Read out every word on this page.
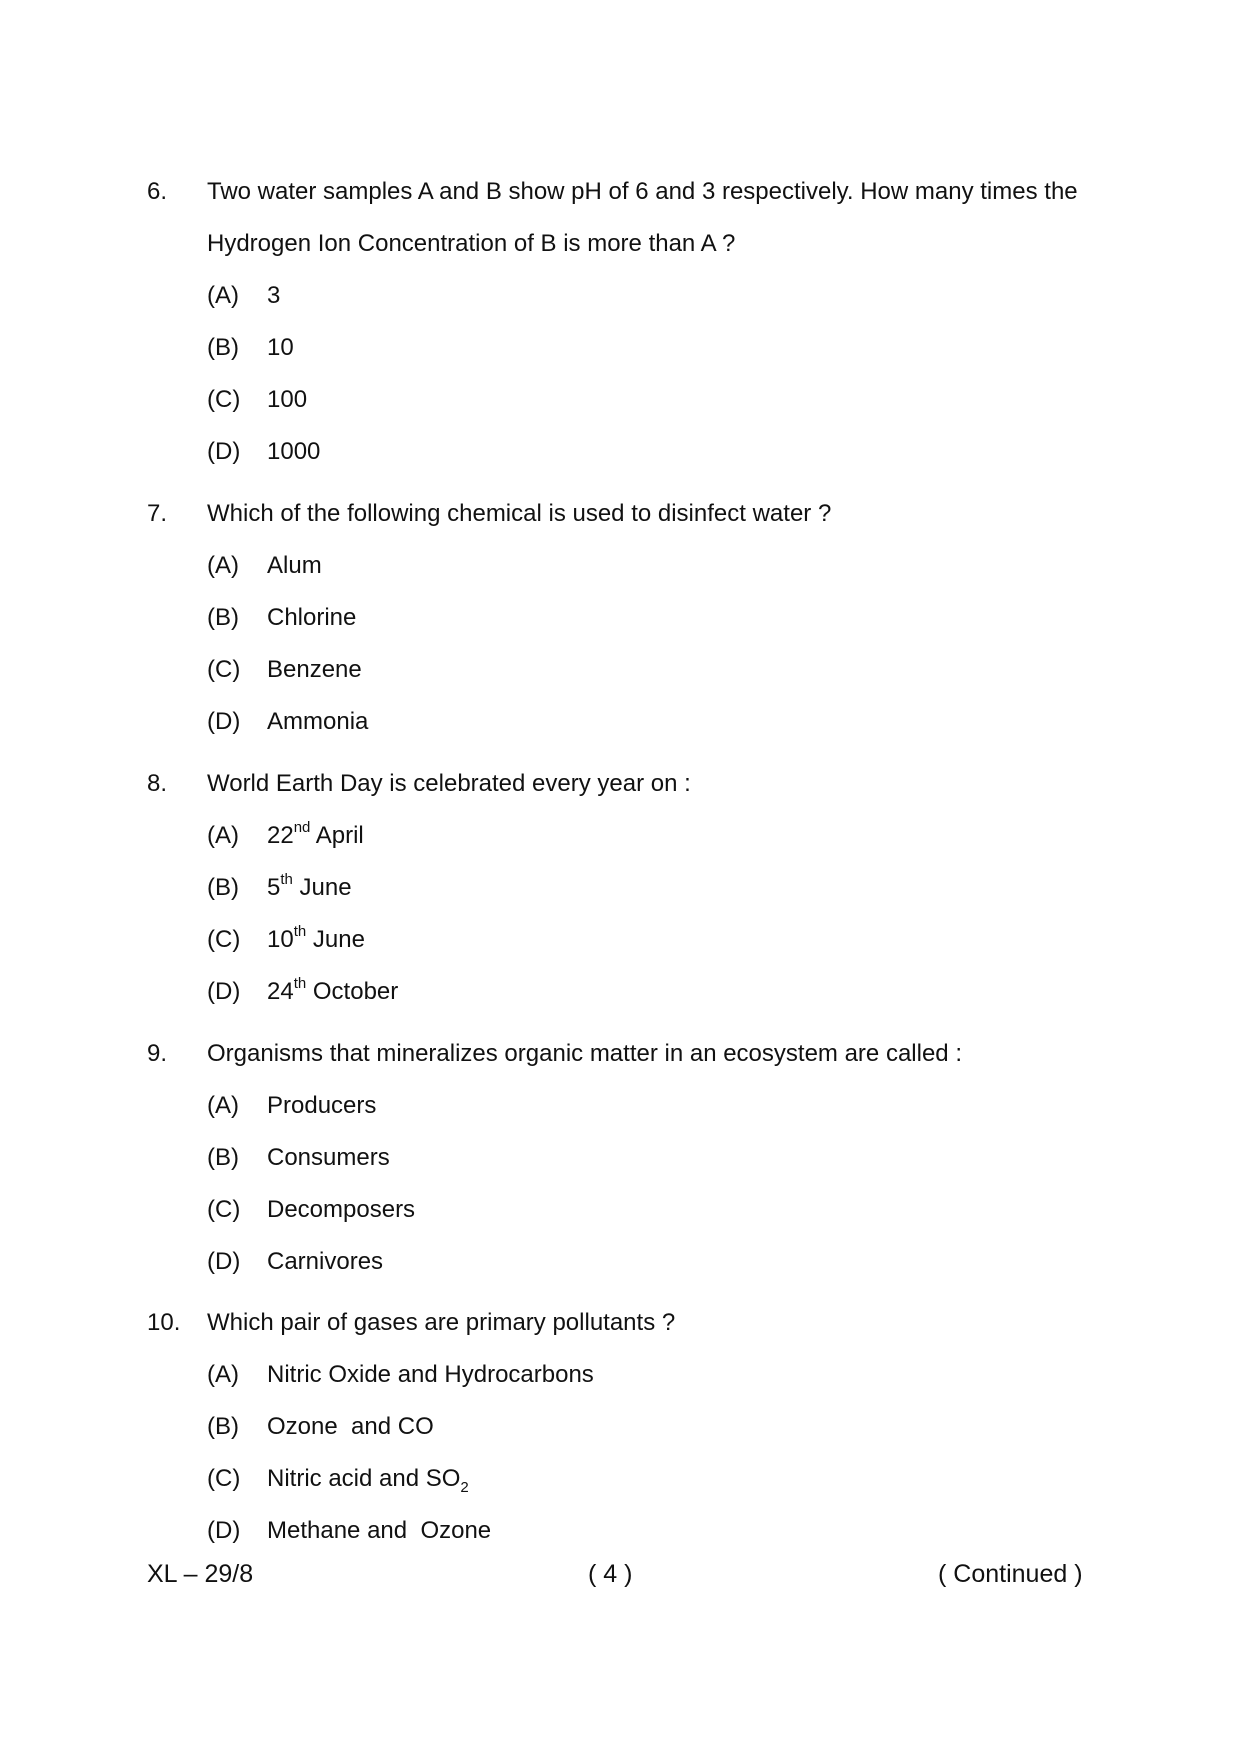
6.	Two water samples A and B show pH of 6 and 3 respectively. How many times the
Hydrogen Ion Concentration of B is more than A ?
(A) 3
(B) 10
(C) 100
(D) 1000
7.	Which of the following chemical is used to disinfect water ?
(A) Alum
(B) Chlorine
(C) Benzene
(D) Ammonia
8.	World Earth Day is celebrated every year on :
(A) 22nd April
(B) 5th June
(C) 10th June
(D) 24th October
9.	Organisms that mineralizes organic matter in an ecosystem are called :
(A) Producers
(B) Consumers
(C) Decomposers
(D) Carnivores
10.	Which pair of gases are primary pollutants ?
(A) Nitric Oxide and Hydrocarbons
(B) Ozone  and CO
(C) Nitric acid and $SO_2$
(D) Methane and  Ozone
XL – 29/8	( 4 )	( Continued )
